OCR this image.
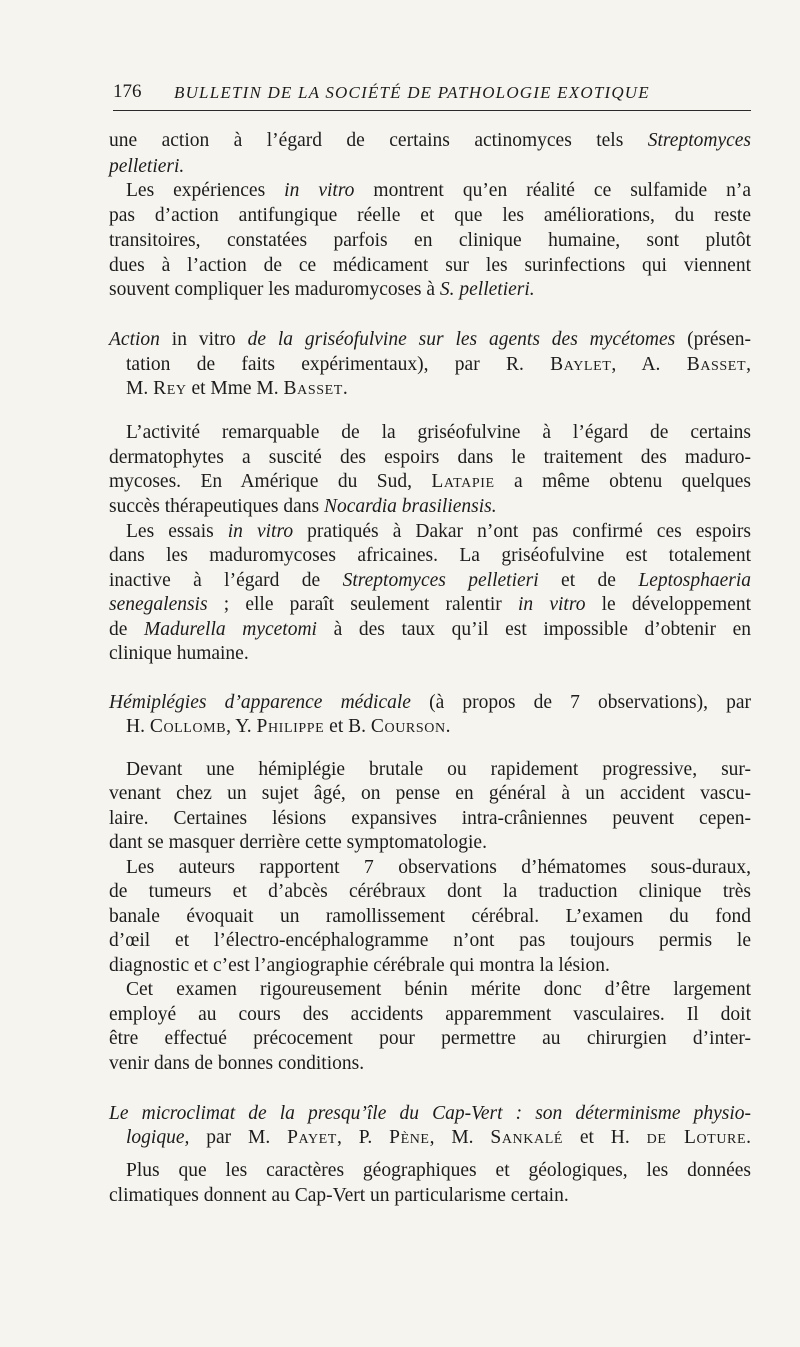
176 BULLETIN DE LA SOCIÉTÉ DE PATHOLOGIE EXOTIQUE
une action à l’égard de certains actinomyces tels Streptomyces
pelletieri.
Les expériences in vitro montrent qu’en réalité ce sulfamide n’a
pas d’action antifungique réelle et que les améliorations, du reste
transitoires, constatées parfois en clinique humaine, sont plutôt
dues à l’action de ce médicament sur les surinfections qui viennent
souvent compliquer les maduromycoses à S. pelletieri.
Action in vitro de la griséofulvine sur les agents des mycétomes (présen-
tation de faits expérimentaux), par R. Baylet, A. Basset,
M. Rey et Mme M. Basset.
L’activité remarquable de la griséofulvine à l’égard de certains
dermatophytes a suscité des espoirs dans le traitement des maduro-
mycoses. En Amérique du Sud, Latapie a même obtenu quelques
succès thérapeutiques dans Nocardia brasiliensis.
Les essais in vitro pratiqués à Dakar n’ont pas confirmé ces espoirs
dans les maduromycoses africaines. La griséofulvine est totalement
inactive à l’égard de Streptomyces pelletieri et de Leptosphaeria
senegalensis ; elle paraît seulement ralentir in vitro le développement
de Madurella mycetomi à des taux qu’il est impossible d’obtenir en
clinique humaine.
Hémiplégies d’apparence médicale (à propos de 7 observations), par
H. Collomb, Y. Philippe et B. Courson.
Devant une hémiplégie brutale ou rapidement progressive, sur-
venant chez un sujet âgé, on pense en général à un accident vascu-
laire. Certaines lésions expansives intra-crâniennes peuvent cepen-
dant se masquer derrière cette symptomatologie.
Les auteurs rapportent 7 observations d’hématomes sous-duraux,
de tumeurs et d’abcès cérébraux dont la traduction clinique très
banale évoquait un ramollissement cérébral. L’examen du fond
d’œil et l’électro-encéphalogramme n’ont pas toujours permis le
diagnostic et c’est l’angiographie cérébrale qui montra la lésion.
Cet examen rigoureusement bénin mérite donc d’être largement
employé au cours des accidents apparemment vasculaires. Il doit
être effectué précocement pour permettre au chirurgien d’inter-
venir dans de bonnes conditions.
Le microclimat de la presqu’île du Cap-Vert : son déterminisme physio-
logique, par M. Payet, P. Pène, M. Sankalé et H. de Loture.
Plus que les caractères géographiques et géologiques, les données
climatiques donnent au Cap-Vert un particularisme certain.
